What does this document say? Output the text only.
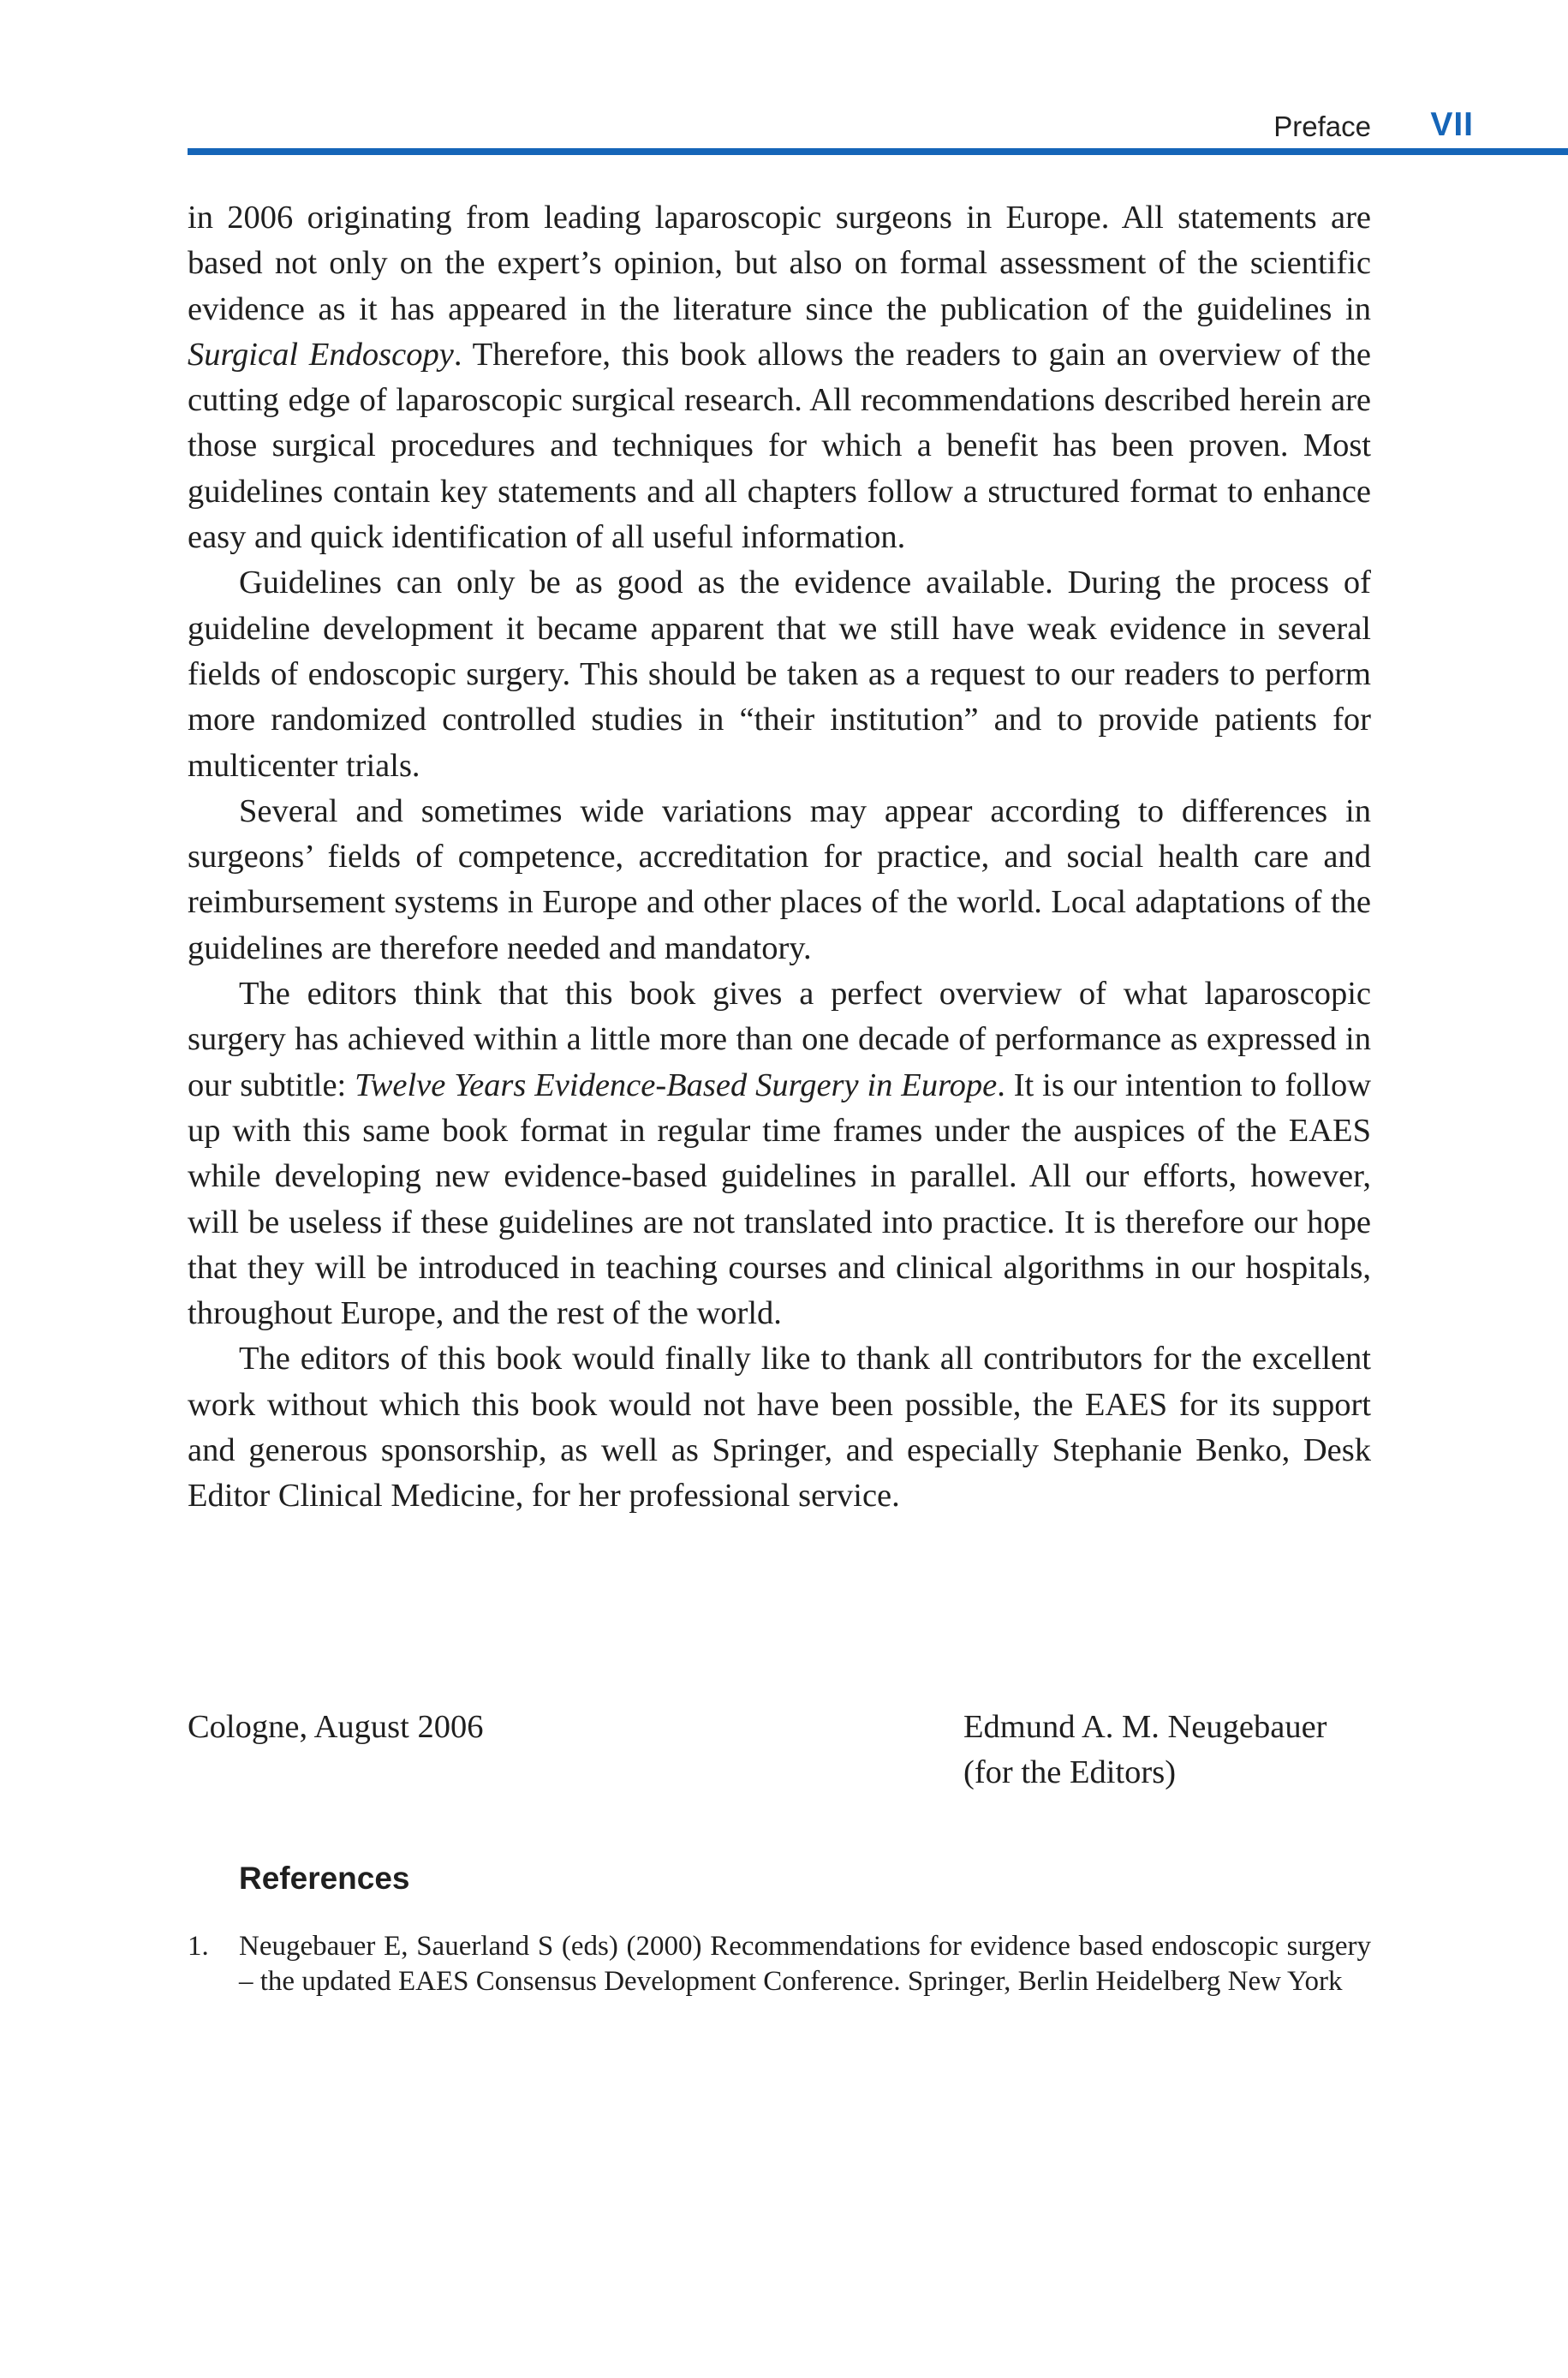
Preface VII

in 2006 originating from leading laparoscopic surgeons in Europe. All statements are based not only on the expert’s opinion, but also on formal assessment of the scientific evidence as it has appeared in the literature since the publication of the guidelines in Surgical Endoscopy. Therefore, this book allows the readers to gain an overview of the cutting edge of laparoscopic surgical research. All recommendations described herein are those surgical procedures and techniques for which a benefit has been proven. Most guidelines contain key statements and all chapters follow a structured format to enhance easy and quick identification of all useful information.

Guidelines can only be as good as the evidence available. During the process of guideline development it became apparent that we still have weak evidence in several fields of endoscopic surgery. This should be taken as a request to our readers to perform more randomized controlled studies in “their institution” and to provide patients for multicenter trials.

Several and sometimes wide variations may appear according to differences in surgeons’ fields of competence, accreditation for practice, and social health care and reimbursement systems in Europe and other places of the world. Local adaptations of the guidelines are therefore needed and mandatory.

The editors think that this book gives a perfect overview of what laparoscopic surgery has achieved within a little more than one decade of performance as expressed in our subtitle: Twelve Years Evidence-Based Surgery in Europe. It is our intention to follow up with this same book format in regular time frames under the auspices of the EAES while developing new evidence-based guidelines in parallel. All our efforts, however, will be useless if these guidelines are not translated into practice. It is therefore our hope that they will be introduced in teaching courses and clinical algorithms in our hospitals, throughout Europe, and the rest of the world.

The editors of this book would finally like to thank all contributors for the excellent work without which this book would not have been possible, the EAES for its support and generous sponsorship, as well as Springer, and especially Stephanie Benko, Desk Editor Clinical Medicine, for her professional service.

Cologne, August 2006	Edmund A. M. Neugebauer
(for the Editors)
References
1. Neugebauer E, Sauerland S (eds) (2000) Recommendations for evidence based endoscopic surgery – the updated EAES Consensus Development Conference. Springer, Berlin Heidelberg New York
